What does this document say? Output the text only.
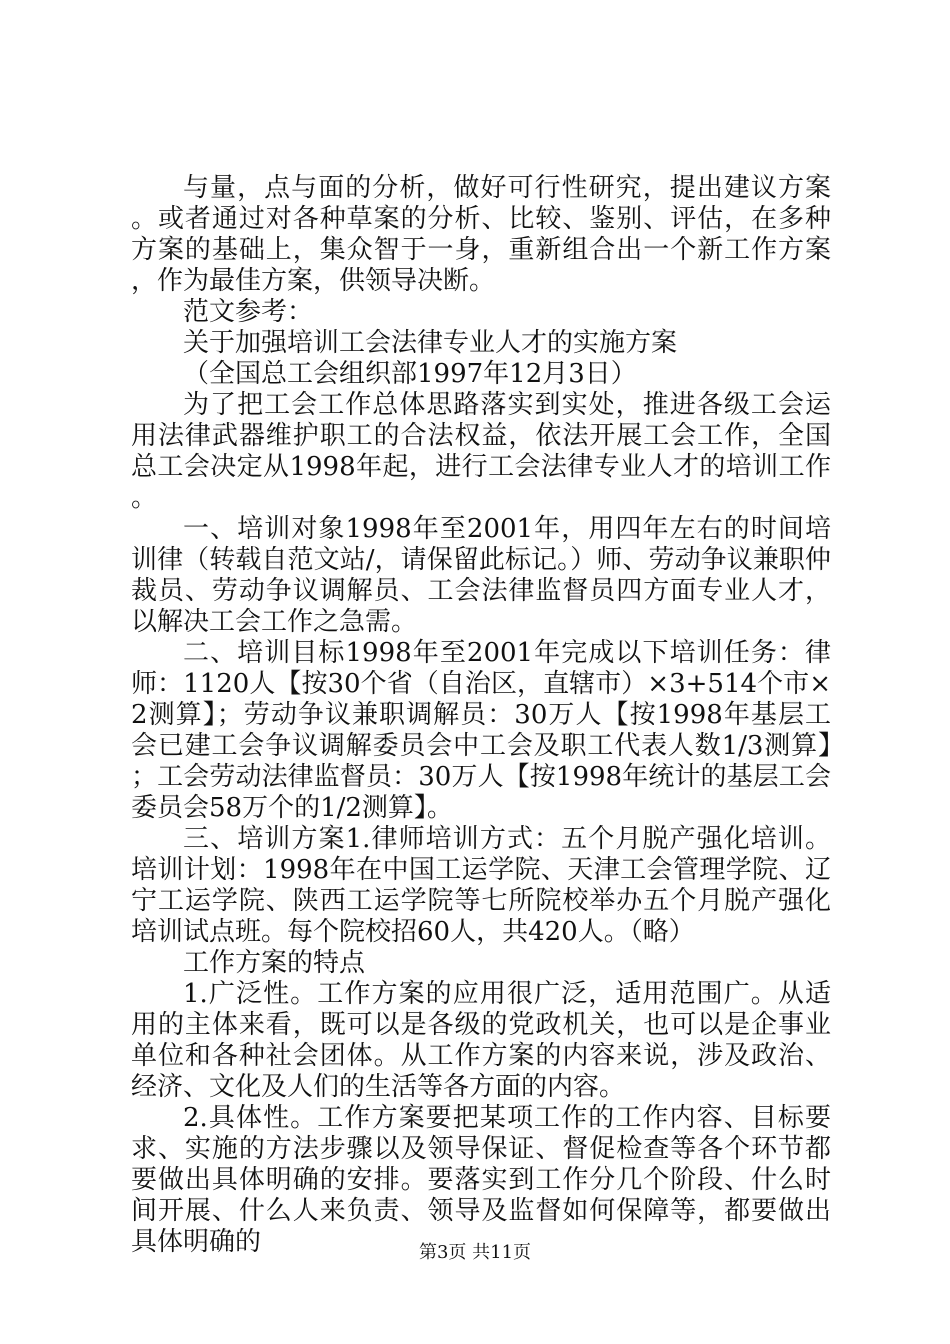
与量，点与面的分析，做好可行性研究，提出建议方案。或者通过对各种草案的分析、比较、鉴别、评估，在多种方案的基础上，集众智于一身，重新组合出一个新工作方案，作为最佳方案，供领导决断。

范文参考：

关于加强培训工会法律专业人才的实施方案

（全国总工会组织部1997年12月3日）

为了把工会工作总体思路落实到实处，推进各级工会运用法律武器维护职工的合法权益，依法开展工会工作，全国总工会决定从1998年起，进行工会法律专业人才的培训工作。

一、培训对象1998年至2001年，用四年左右的时间培训律（转载自范文站/，请保留此标记。）师、劳动争议兼职仲裁员、劳动争议调解员、工会法律监督员四方面专业人才，以解决工会工作之急需。

二、培训目标1998年至2001年完成以下培训任务：律师：1120人【按30个省（自治区，直辖市）×3+514个市×2测算】；劳动争议兼职调解员：30万人【按1998年基层工会已建工会争议调解委员会中工会及职工代表人数1/3测算】；工会劳动法律监督员：30万人【按1998年统计的基层工会委员会58万个的1/2测算】。

三、培训方案1.律师培训方式：五个月脱产强化培训。培训计划：1998年在中国工运学院、天津工会管理学院、辽宁工运学院、陕西工运学院等七所院校举办五个月脱产强化培训试点班。每个院校招60人，共420人。（略）

工作方案的特点

1.广泛性。工作方案的应用很广泛，适用范围广。从适用的主体来看，既可以是各级的党政机关，也可以是企事业单位和各种社会团体。从工作方案的内容来说，涉及政治、经济、文化及人们的生活等各方面的内容。

2.具体性。工作方案要把某项工作的工作内容、目标要求、实施的方法步骤以及领导保证、督促检查等各个环节都要做出具体明确的安排。要落实到工作分几个阶段、什么时间开展、什么人来负责、领导及监督如何保障等，都要做出具体明确的	第3页 共11页
